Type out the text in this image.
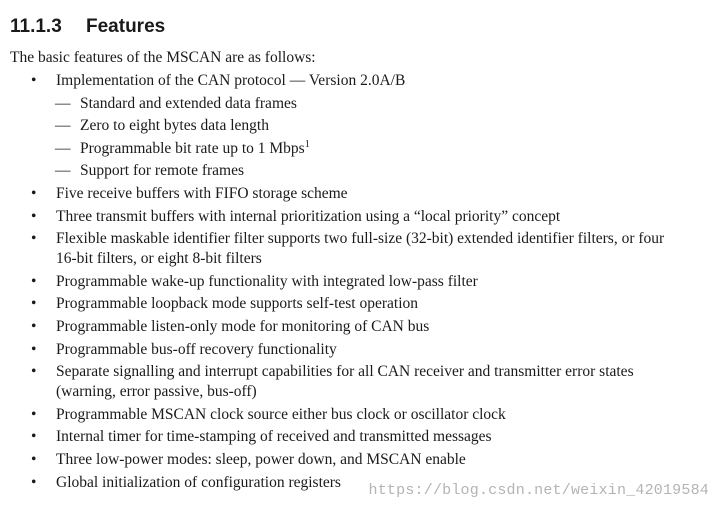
11.1.3 Features
The basic features of the MSCAN are as follows:
• Implementation of the CAN protocol — Version 2.0A/B
— Standard and extended data frames
— Zero to eight bytes data length
— Programmable bit rate up to 1 Mbps$^1$
— Support for remote frames
• Five receive buffers with FIFO storage scheme
• Three transmit buffers with internal prioritization using a “local priority” concept
• Flexible maskable identifier filter supports two full-size (32-bit) extended identifier filters, or four
16-bit filters, or eight 8-bit filters
• Programmable wake-up functionality with integrated low-pass filter
• Programmable loopback mode supports self-test operation
• Programmable listen-only mode for monitoring of CAN bus
• Programmable bus-off recovery functionality
• Separate signalling and interrupt capabilities for all CAN receiver and transmitter error states
(warning, error passive, bus-off)
• Programmable MSCAN clock source either bus clock or oscillator clock
• Internal timer for time-stamping of received and transmitted messages
• Three low-power modes: sleep, power down, and MSCAN enable
• Global initialization of configuration registers	https://blog.csdn.net/weixin_42019584
